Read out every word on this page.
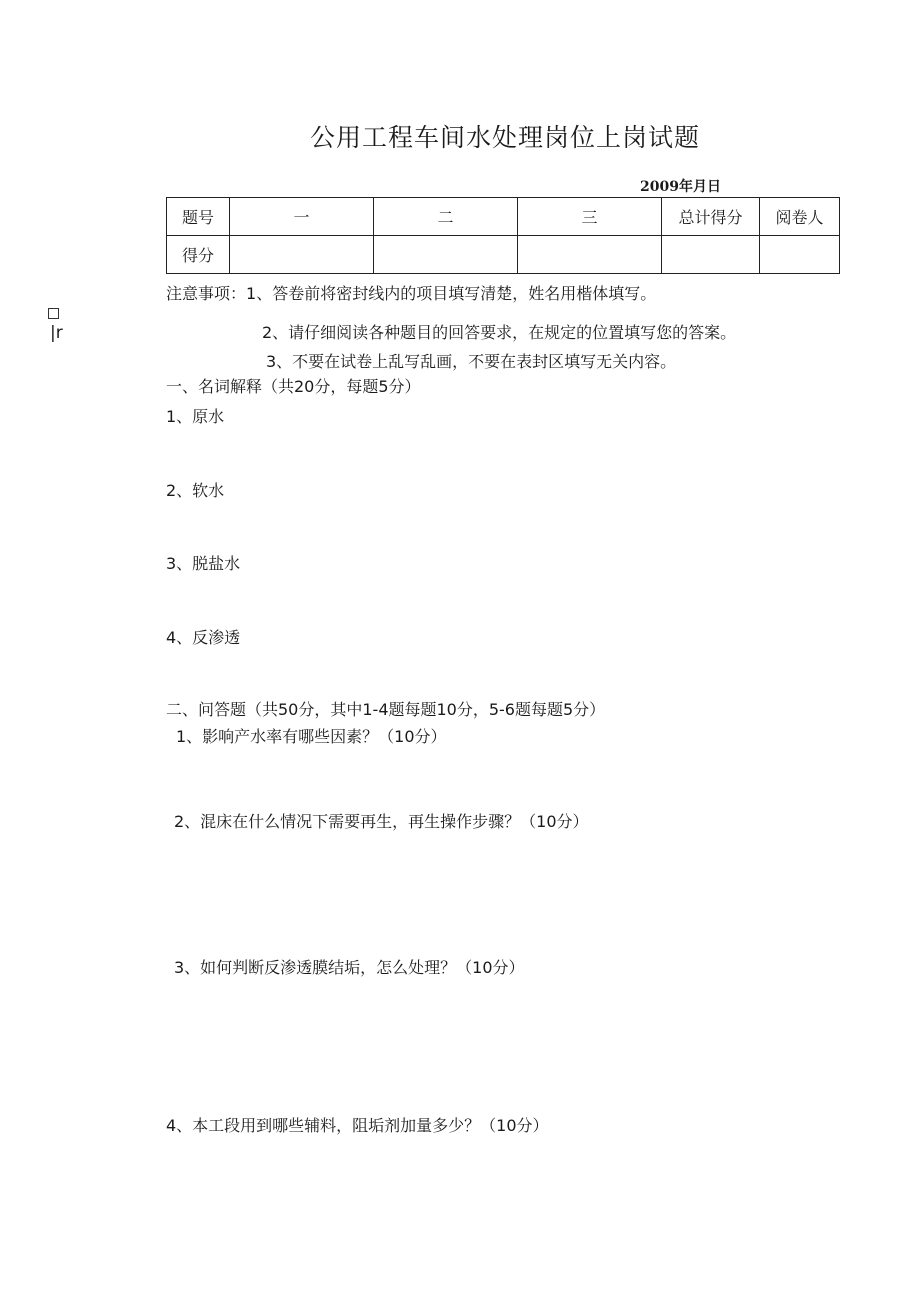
公用工程车间水处理岗位上岗试题
2009年月日
题号	一	二	三	总计得分	阅卷人
得分					
注意事项：1、答卷前将密封线内的项目填写清楚，姓名用楷体填写。
2、请仔细阅读各种题目的回答要求，在规定的位置填写您的答案。
3、不要在试卷上乱写乱画，不要在表封区填写无关内容。
|r
一、名词解释（共20分，每题5分）
1、原水
2、软水
3、脱盐水
4、反渗透
二、问答题（共50分，其中1-4题每题10分，5-6题每题5分）
1、影响产水率有哪些因素？（10分）
2、混床在什么情况下需要再生，再生操作步骤？（10分）
3、如何判断反渗透膜结垢，怎么处理？（10分）
4、本工段用到哪些辅料，阻垢剂加量多少？（10分）
